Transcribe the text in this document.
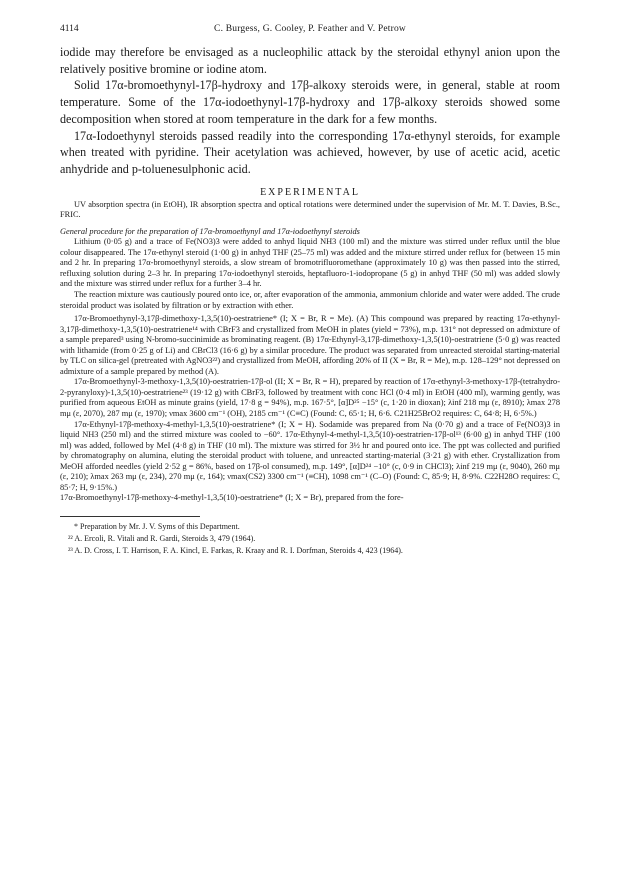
4114	C. Burgess, G. Cooley, P. Feather and V. Petrow

iodide may therefore be envisaged as a nucleophilic attack by the steroidal ethynyl anion upon the relatively positive bromine or iodine atom.

Solid 17α-bromoethynyl-17β-hydroxy and 17β-alkoxy steroids were, in general, stable at room temperature. Some of the 17α-iodoethynyl-17β-hydroxy and 17β-alkoxy steroids showed some decomposition when stored at room temperature in the dark for a few months.

17α-Iodoethynyl steroids passed readily into the corresponding 17α-ethynyl steroids, for example when treated with pyridine. Their acetylation was achieved, however, by use of acetic acid, acetic anhydride and p-toluenesulphonic acid.

EXPERIMENTAL

UV absorption spectra (in EtOH), IR absorption spectra and optical rotations were determined under the supervision of Mr. M. T. Davies, B.Sc., FRIC.

General procedure for the preparation of 17α-bromoethynyl and 17α-iodoethynyl steroids

Lithium (0·05 g) and a trace of Fe(NO3)3 were added to anhyd liquid NH3 (100 ml) and the mixture was stirred under reflux until the blue colour disappeared. The 17α-ethynyl steroid (1·00 g) in anhyd THF (25–75 ml) was added and the mixture stirred under reflux for (between 15 min and 2 hr. In preparing 17α-bromoethynyl steroids, a slow stream of bromotrifluoromethane (approximately 10 g) was then passed into the stirred, refluxing solution during 2–3 hr. In preparing 17α-iodoethynyl steroids, heptafluoro-1-iodopropane (5 g) in anhyd THF (50 ml) was added slowly and the mixture was stirred under reflux for a further 3–4 hr.

The reaction mixture was cautiously poured onto ice, or, after evaporation of the ammonia, ammonium chloride and water were added. The crude steroidal product was isolated by filtration or by extraction with ether.

17α-Bromoethynyl-3,17β-dimethoxy-1,3,5(10)-oestratriene* (I; X = Br, R = Me). (A) This compound was prepared by reacting 17α-ethynyl-3,17β-dimethoxy-1,3,5(10)-oestratriene¹⁴ with CBrF3 and crystallized from MeOH in plates (yield = 73%), m.p. 131° not depressed on admixture of a sample prepared³ using N-bromo-succinimide as brominating reagent. (B) 17α-Ethynyl-3,17β-dimethoxy-1,3,5(10)-oestratriene (5·0 g) was reacted with lithamide (from 0·25 g of Li) and CBrCl3 (16·6 g) by a similar procedure. The product was separated from unreacted steroidal starting-material by TLC on silica-gel (pretreated with AgNO3²²) and crystallized from MeOH, affording 20% of II (X = Br, R = Me), m.p. 128–129° not depressed on admixture of a sample prepared by method (A).

17α-Bromoethynyl-3-methoxy-1,3,5(10)-oestratrien-17β-ol (II; X = Br, R = H), prepared by reaction of 17α-ethynyl-3-methoxy-17β-(tetrahydro-2-pyranyloxy)-1,3,5(10)-oestratriene²³ (19·12 g) with CBrF3, followed by treatment with conc HCl (0·4 ml) in EtOH (400 ml), warming gently, was purified from aqueous EtOH as minute grains (yield, 17·8 g = 94%), m.p. 167·5°, [α]D²⁵ −15° (c, 1·20 in dioxan); λinf 218 mμ (ε, 8910); λmax 278 mμ (ε, 2070), 287 mμ (ε, 1970); νmax 3600 cm⁻¹ (OH), 2185 cm⁻¹ (C≡C) (Found: C, 65·1; H, 6·6. C21H25BrO2 requires: C, 64·8; H, 6·5%.)

17α-Ethynyl-17β-methoxy-4-methyl-1,3,5(10)-oestratriene* (I; X = H). Sodamide was prepared from Na (0·70 g) and a trace of Fe(NO3)3 in liquid NH3 (250 ml) and the stirred mixture was cooled to −60°. 17α-Ethynyl-4-methyl-1,3,5(10)-oestratrien-17β-ol¹³ (6·00 g) in anhyd THF (100 ml) was added, followed by MeI (4·8 g) in THF (10 ml). The mixture was stirred for 3½ hr and poured onto ice. The ppt was collected and purified by chromatography on alumina, eluting the steroidal product with toluene, and unreacted starting-material (3·21 g) with ether. Crystallization from MeOH afforded needles (yield 2·52 g = 86%, based on 17β-ol consumed), m.p. 149°, [α]D²⁴ −10° (c, 0·9 in CHCl3); λinf 219 mμ (ε, 9040), 260 mμ (ε, 210); λmax 263 mμ (ε, 234), 270 mμ (ε, 164); νmax(CS2) 3300 cm⁻¹ (≡CH), 1098 cm⁻¹ (C–O) (Found: C, 85·9; H, 8·9%. C22H28O requires: C, 85·7; H, 9·15%.)

17α-Bromoethynyl-17β-methoxy-4-methyl-1,3,5(10)-oestratriene* (I; X = Br), prepared from the fore-

* Preparation by Mr. J. V. Syms of this Department.

²² A. Ercoli, R. Vitali and R. Gardi, Steroids 3, 479 (1964).

²³ A. D. Cross, I. T. Harrison, F. A. Kincl, E. Farkas, R. Kraay and R. I. Dorfman, Steroids 4, 423 (1964).
